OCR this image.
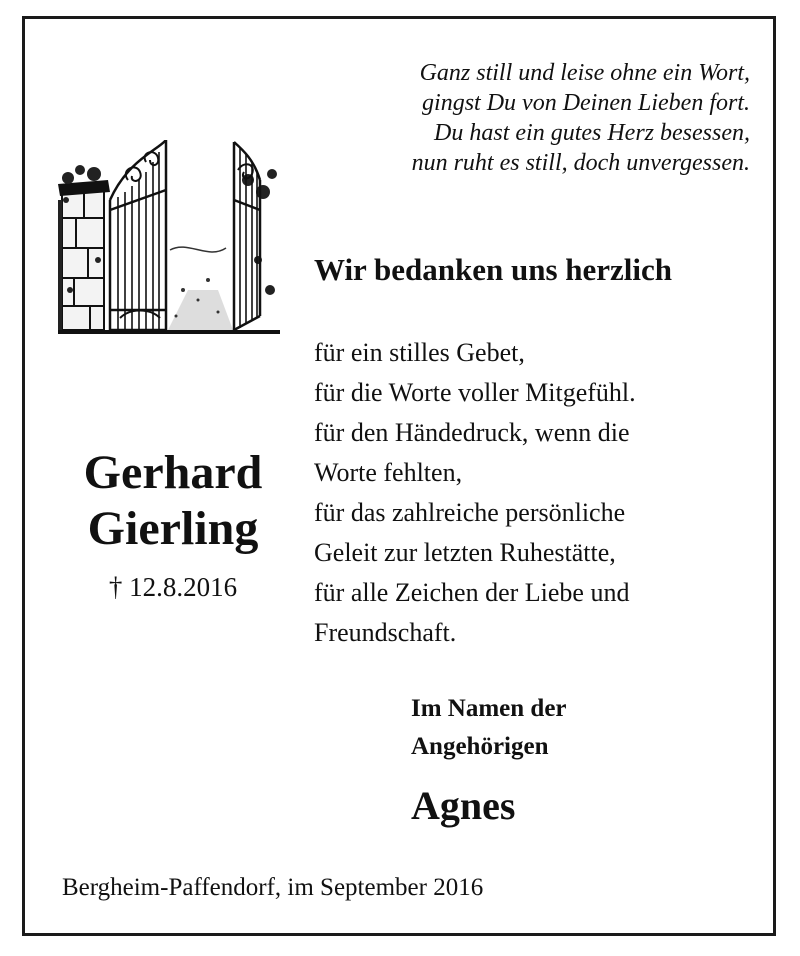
Ganz still und leise ohne ein Wort,
gingst Du von Deinen Lieben fort.
Du hast ein gutes Herz besessen,
nun ruht es still, doch unvergessen.
Wir bedanken uns herzlich
für ein stilles Gebet,
für die Worte voller Mitgefühl.
für den Händedruck, wenn die
Worte fehlten,
für das zahlreiche persönliche
Geleit zur letzten Ruhestätte,
für alle Zeichen der Liebe und
Freundschaft.
Gerhard
Gierling
† 12.8.2016
Im Namen der
Angehörigen
Agnes
Bergheim-Paffendorf, im September 2016
